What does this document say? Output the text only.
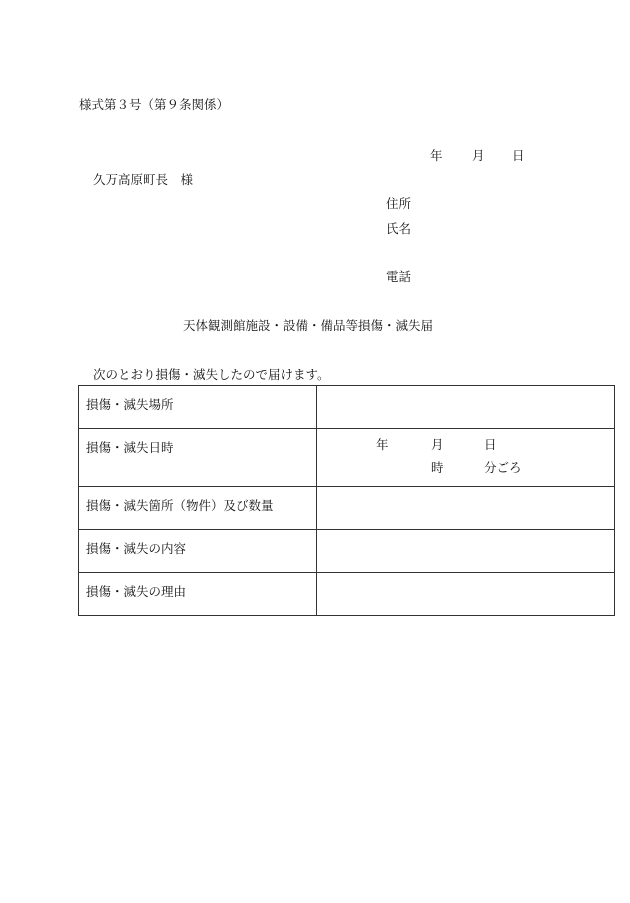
様式第３号（第９条関係）
年 月 日
久万高原町長　様
住所
氏名
電話
天体観測館施設・設備・備品等損傷・滅失届
次のとおり損傷・滅失したので届けます。
損傷・滅失場所	
損傷・滅失日時	年 月 日
時 分ごろ

損傷・滅失箇所（物件）及び数量	
損傷・滅失の内容	
損傷・滅失の理由	
